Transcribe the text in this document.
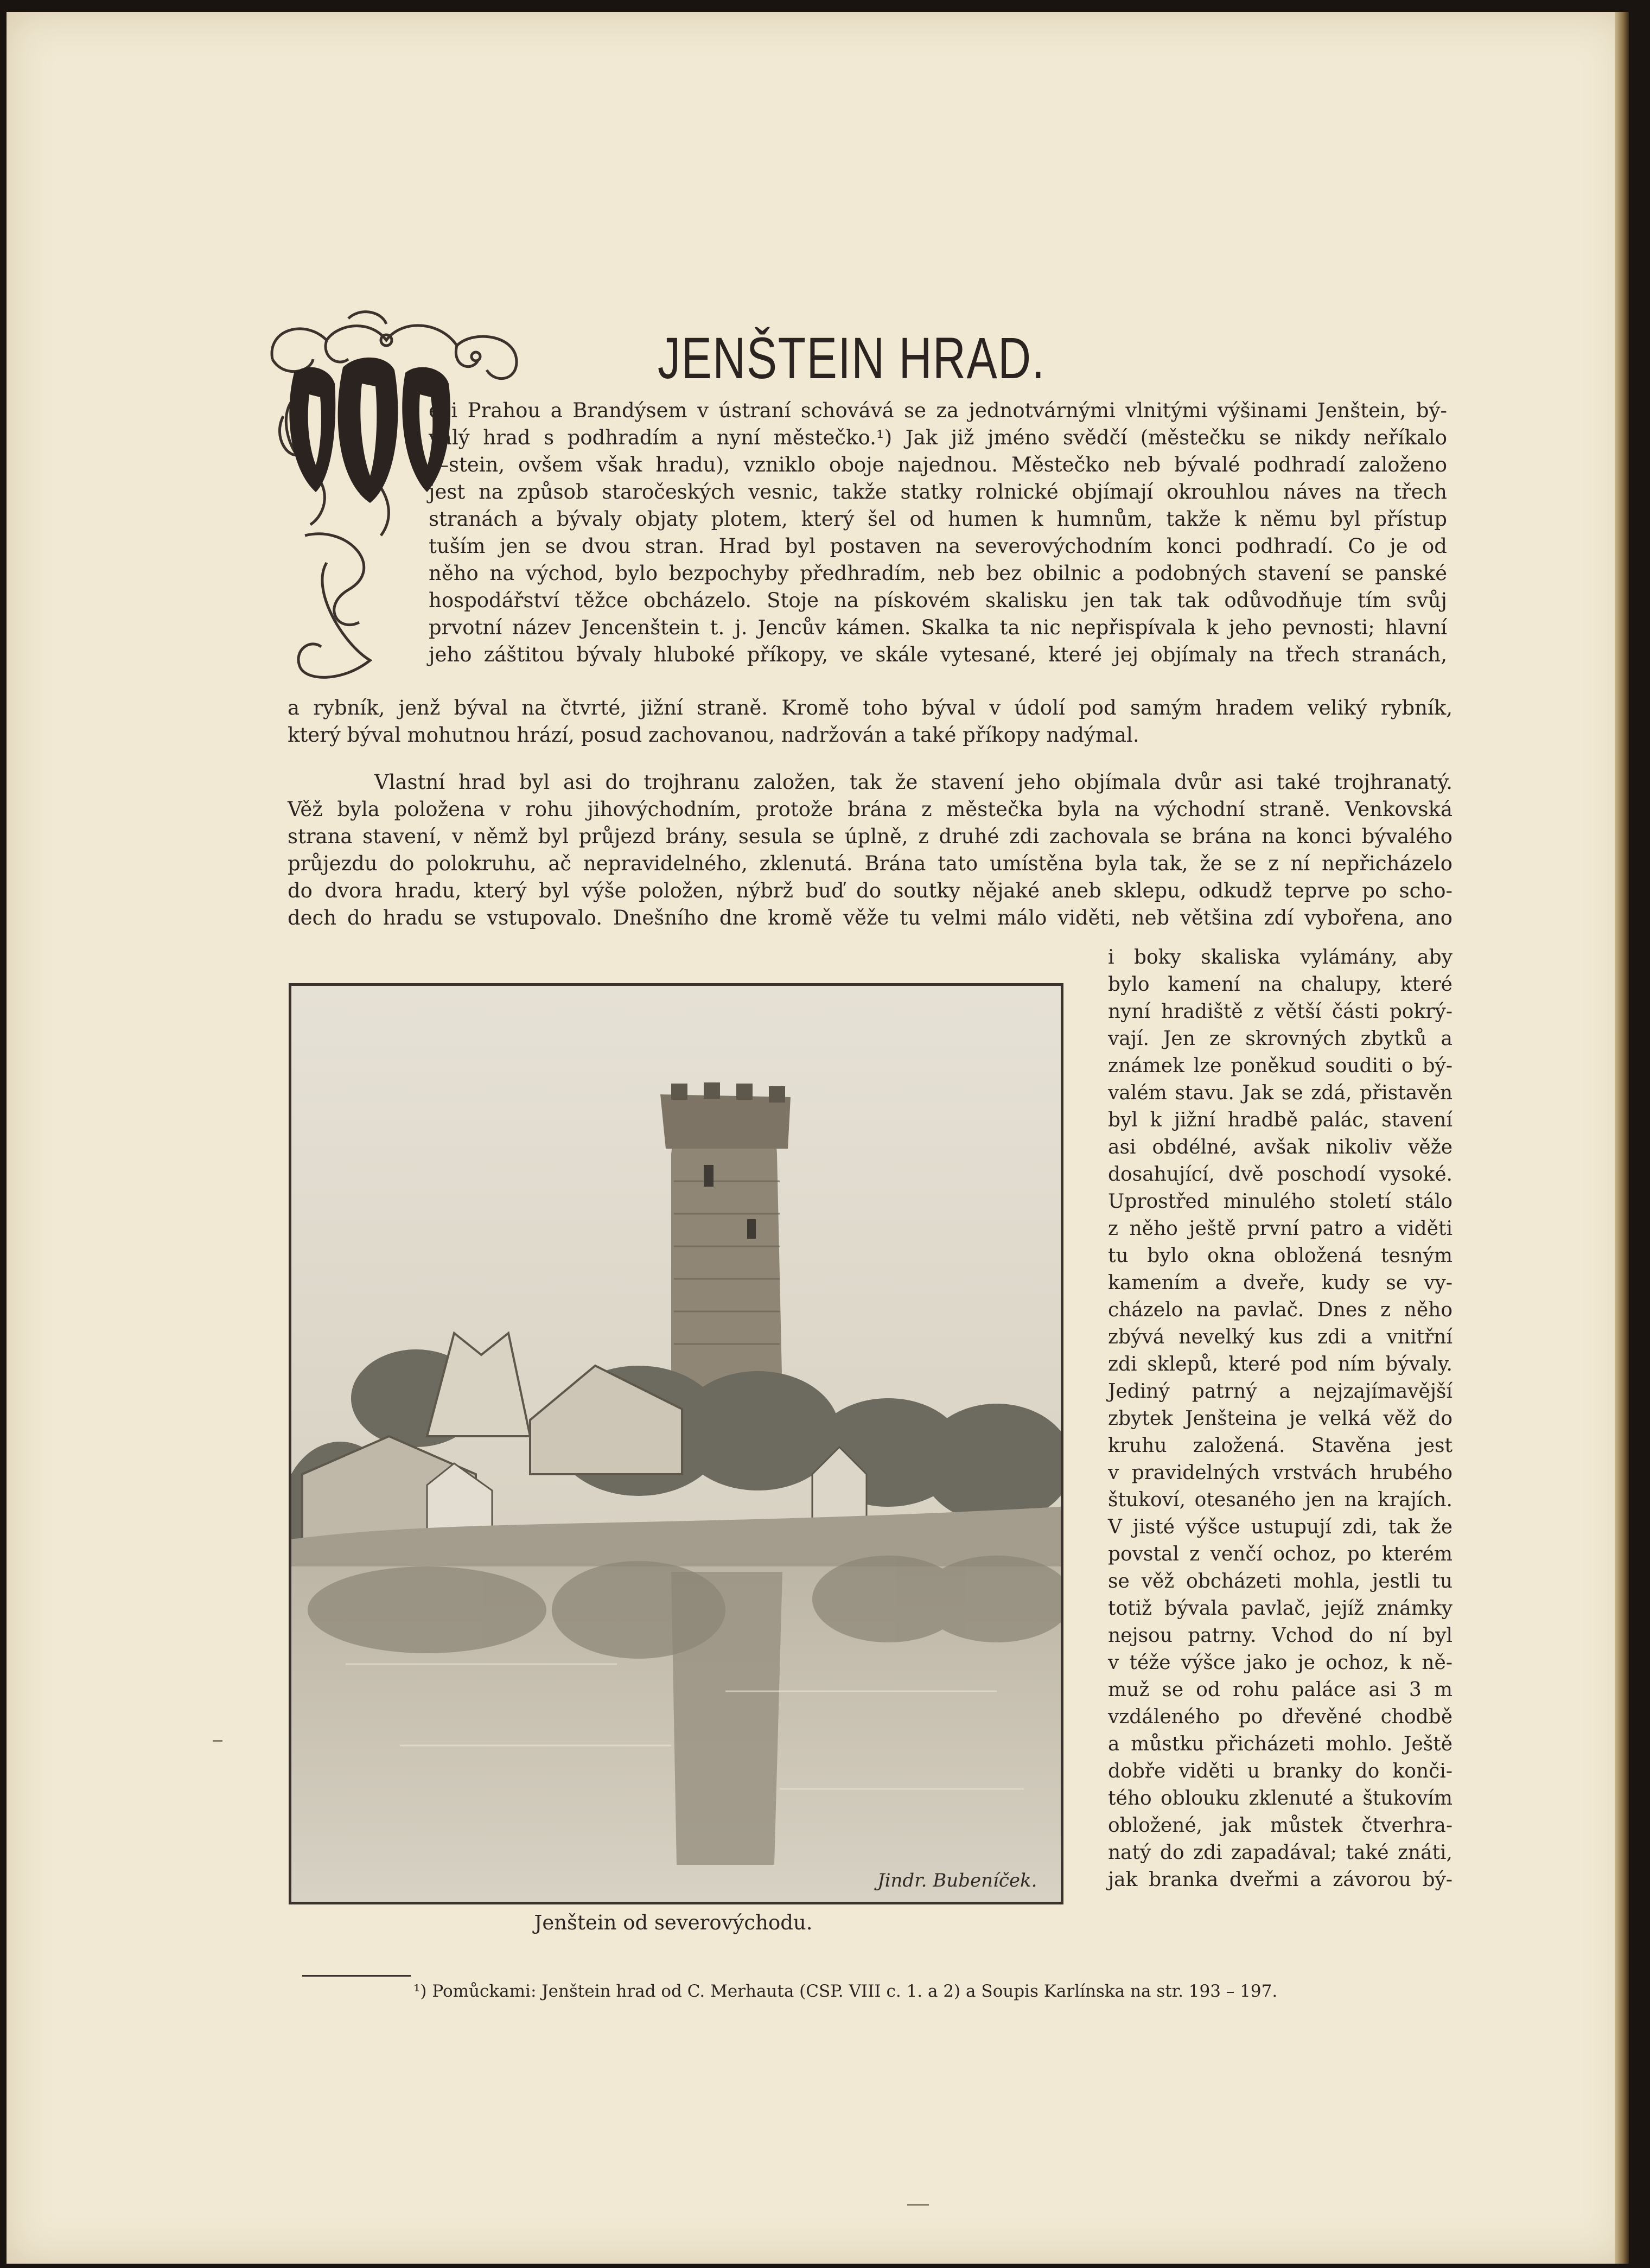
JENŠTEIN HRAD.
ezi Prahou a Brandýsem v ústraní schovává se za jednotvárnými vlnitými výšinami Jenštein, bý-
valý hrad s podhradím a nyní městečko.¹) Jak již jméno svědčí (městečku se nikdy neříkalo
—stein, ovšem však hradu), vzniklo oboje najednou. Městečko neb bývalé podhradí založeno
jest na způsob staročeských vesnic, takže statky rolnické objímají okrouhlou náves na třech
stranách a bývaly objaty plotem, který šel od humen k humnům, takže k němu byl přístup
tuším jen se dvou stran. Hrad byl postaven na severovýchodním konci podhradí. Co je od
něho na východ, bylo bezpochyby předhradím, neb bez obilnic a podobných stavení se panské
hospodářství těžce obcházelo. Stoje na pískovém skalisku jen tak tak odůvodňuje tím svůj
prvotní název Jencenštein t. j. Jencův kámen. Skalka ta nic nepřispívala k jeho pevnosti; hlavní
jeho záštitou bývaly hluboké příkopy, ve skále vytesané, které jej objímaly na třech stranách,
a rybník, jenž býval na čtvrté, jižní straně. Kromě toho býval v údolí pod samým hradem veliký rybník,
který býval mohutnou hrází, posud zachovanou, nadržován a také příkopy nadýmal.
Vlastní hrad byl asi do trojhranu založen, tak že stavení jeho objímala dvůr asi také trojhranatý.
Věž byla položena v rohu jihovýchodním, protože brána z městečka byla na východní straně. Venkovská
strana stavení, v němž byl průjezd brány, sesula se úplně, z druhé zdi zachovala se brána na konci bývalého
průjezdu do polokruhu, ač nepravidelného, zklenutá. Brána tato umístěna byla tak, že se z ní nepřicházelo
do dvora hradu, který byl výše položen, nýbrž buď do soutky nějaké aneb sklepu, odkudž teprve po scho-
dech do hradu se vstupovalo. Dnešního dne kromě věže tu velmi málo viděti, neb většina zdí vybořena, ano
i boky skaliska vylámány, aby
bylo kamení na chalupy, které
nyní hradiště z větší části pokrý-
vají. Jen ze skrovných zbytků a
známek lze poněkud souditi o bý-
valém stavu. Jak se zdá, přistavěn
byl k jižní hradbě palác, stavení
asi obdélné, avšak nikoliv věže
dosahující, dvě poschodí vysoké.
Uprostřed minulého století stálo
z něho ještě první patro a viděti
tu bylo okna obložená tesným
kamením a dveře, kudy se vy-
cházelo na pavlač. Dnes z něho
zbývá nevelký kus zdi a vnitřní
zdi sklepů, které pod ním bývaly.
Jediný patrný a nejzajímavější
zbytek Jenšteina je velká věž do
kruhu založená. Stavěna jest
v pravidelných vrstvách hrubého
štukoví, otesaného jen na krajích.
V jisté výšce ustupují zdi, tak že
povstal z venčí ochoz, po kterém
se věž obcházeti mohla, jestli tu
totiž bývala pavlač, jejíž známky
nejsou patrny. Vchod do ní byl
v téže výšce jako je ochoz, k ně-
muž se od rohu paláce asi 3 m
vzdáleného po dřevěné chodbě
a můstku přicházeti mohlo. Ještě
dobře viděti u branky do konči-
tého oblouku zklenuté a štukovím
obložené, jak můstek čtverhra-
natý do zdi zapadával; také znáti,
jak branka dveřmi a závorou bý-
Jindr. Bubeníček.
Jenštein od severovýchodu.
¹) Pomůckami: Jenštein hrad od C. Merhauta (CSP. VIII c. 1. a 2) a Soupis Karlínska na str. 193 – 197.
